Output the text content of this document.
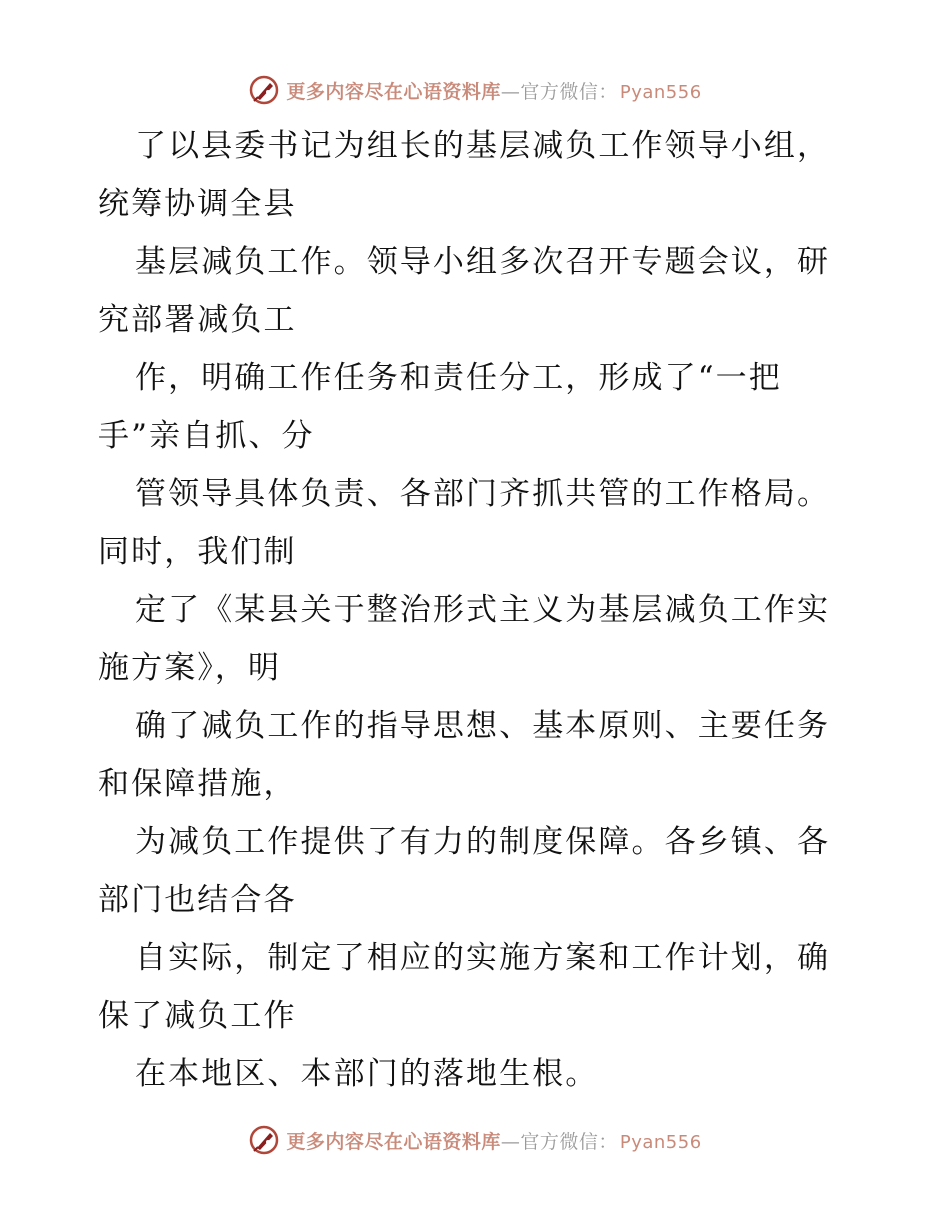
更多内容尽在心语资料库 — 官方微信： Pyan556
了以县委书记为组长的基层减负工作领导小组，
统筹协调全县
基层减负工作。领导小组多次召开专题会议，研
究部署减负工
作，明确工作任务和责任分工，形成了“一把
手”亲自抓、分
管领导具体负责、各部门齐抓共管的工作格局。
同时，我们制
定了《某县关于整治形式主义为基层减负工作实
施方案》，明
确了减负工作的指导思想、基本原则、主要任务
和保障措施，
为减负工作提供了有力的制度保障。各乡镇、各
部门也结合各
自实际，制定了相应的实施方案和工作计划，确
保了减负工作
在本地区、本部门的落地生根。
更多内容尽在心语资料库 — 官方微信： Pyan556
